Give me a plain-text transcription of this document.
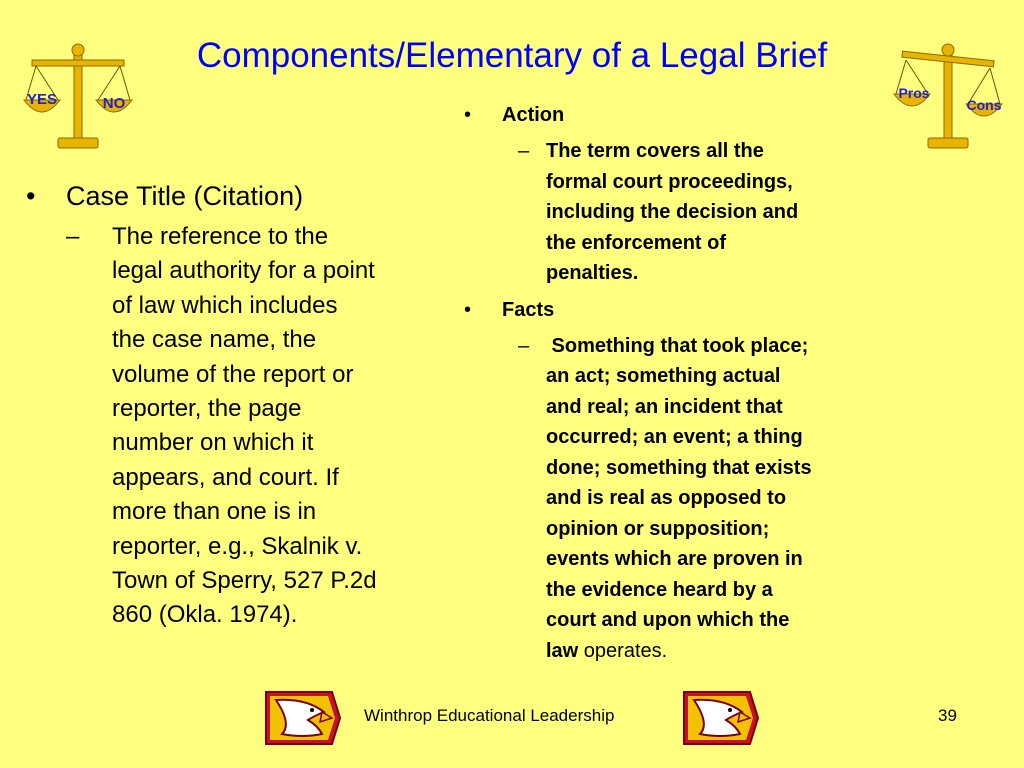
Components/Elementary of a Legal Brief
YES	NO
Pros
Cons
•	Case Title (Citation)
–	The reference to the
legal authority for a point
of law which includes
the case name, the
volume of the report or
reporter, the page
number on which it
appears, and court. If
more than one is in
reporter, e.g., Skalnik v.
Town of Sperry, 527 P.2d
860 (Okla. 1974).
•	Action
– The term covers all the
formal court proceedings,
including the decision and
the enforcement of
penalties.
•	Facts
– Something that took place;
an act; something actual
and real; an incident that
occurred; an event; a thing
done; something that exists
and is real as opposed to
opinion or supposition;
events which are proven in
the evidence heard by a
court and upon which the
law operates.
Winthrop Educational Leadership	39
